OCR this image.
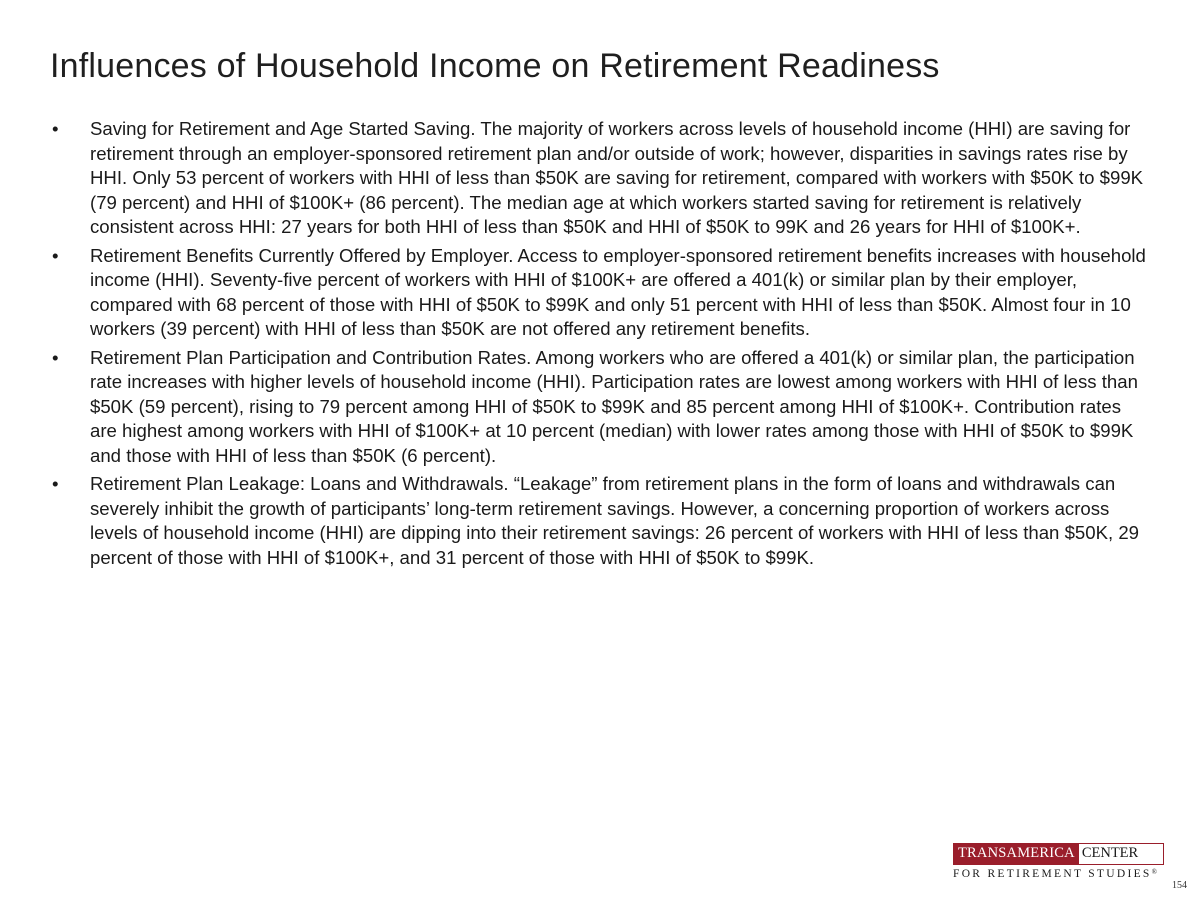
Influences of Household Income on Retirement Readiness
•	Saving for Retirement and Age Started Saving. The majority of workers across levels of household income (HHI) are saving for retirement through an employer-sponsored retirement plan and/or outside of work; however, disparities in savings rates rise by HHI. Only 53 percent of workers with HHI of less than $50K are saving for retirement, compared with workers with $50K to $99K (79 percent) and HHI of $100K+ (86 percent). The median age at which workers started saving for retirement is relatively consistent across HHI: 27 years for both HHI of less than $50K and HHI of $50K to 99K and 26 years for HHI of $100K+.
•	Retirement Benefits Currently Offered by Employer. Access to employer-sponsored retirement benefits increases with household income (HHI). Seventy-five percent of workers with HHI of $100K+ are offered a 401(k) or similar plan by their employer, compared with 68 percent of those with HHI of $50K to $99K and only 51 percent with HHI of less than $50K. Almost four in 10 workers (39 percent) with HHI of less than $50K are not offered any retirement benefits.
•	Retirement Plan Participation and Contribution Rates. Among workers who are offered a 401(k) or similar plan, the participation rate increases with higher levels of household income (HHI). Participation rates are lowest among workers with HHI of less than $50K (59 percent), rising to 79 percent among HHI of $50K to $99K and 85 percent among HHI of $100K+. Contribution rates are highest among workers with HHI of $100K+ at 10 percent (median) with lower rates among those with HHI of $50K to $99K and those with HHI of less than $50K (6 percent).
•	Retirement Plan Leakage: Loans and Withdrawals. “Leakage” from retirement plans in the form of loans and withdrawals can severely inhibit the growth of participants’ long-term retirement savings. However, a concerning proportion of workers across levels of household income (HHI) are dipping into their retirement savings: 26 percent of workers with HHI of less than $50K, 29 percent of those with HHI of $100K+, and 31 percent of those with HHI of $50K to $99K.
TRANSAMERICA CENTER
FOR RETIREMENT STUDIES®
154
